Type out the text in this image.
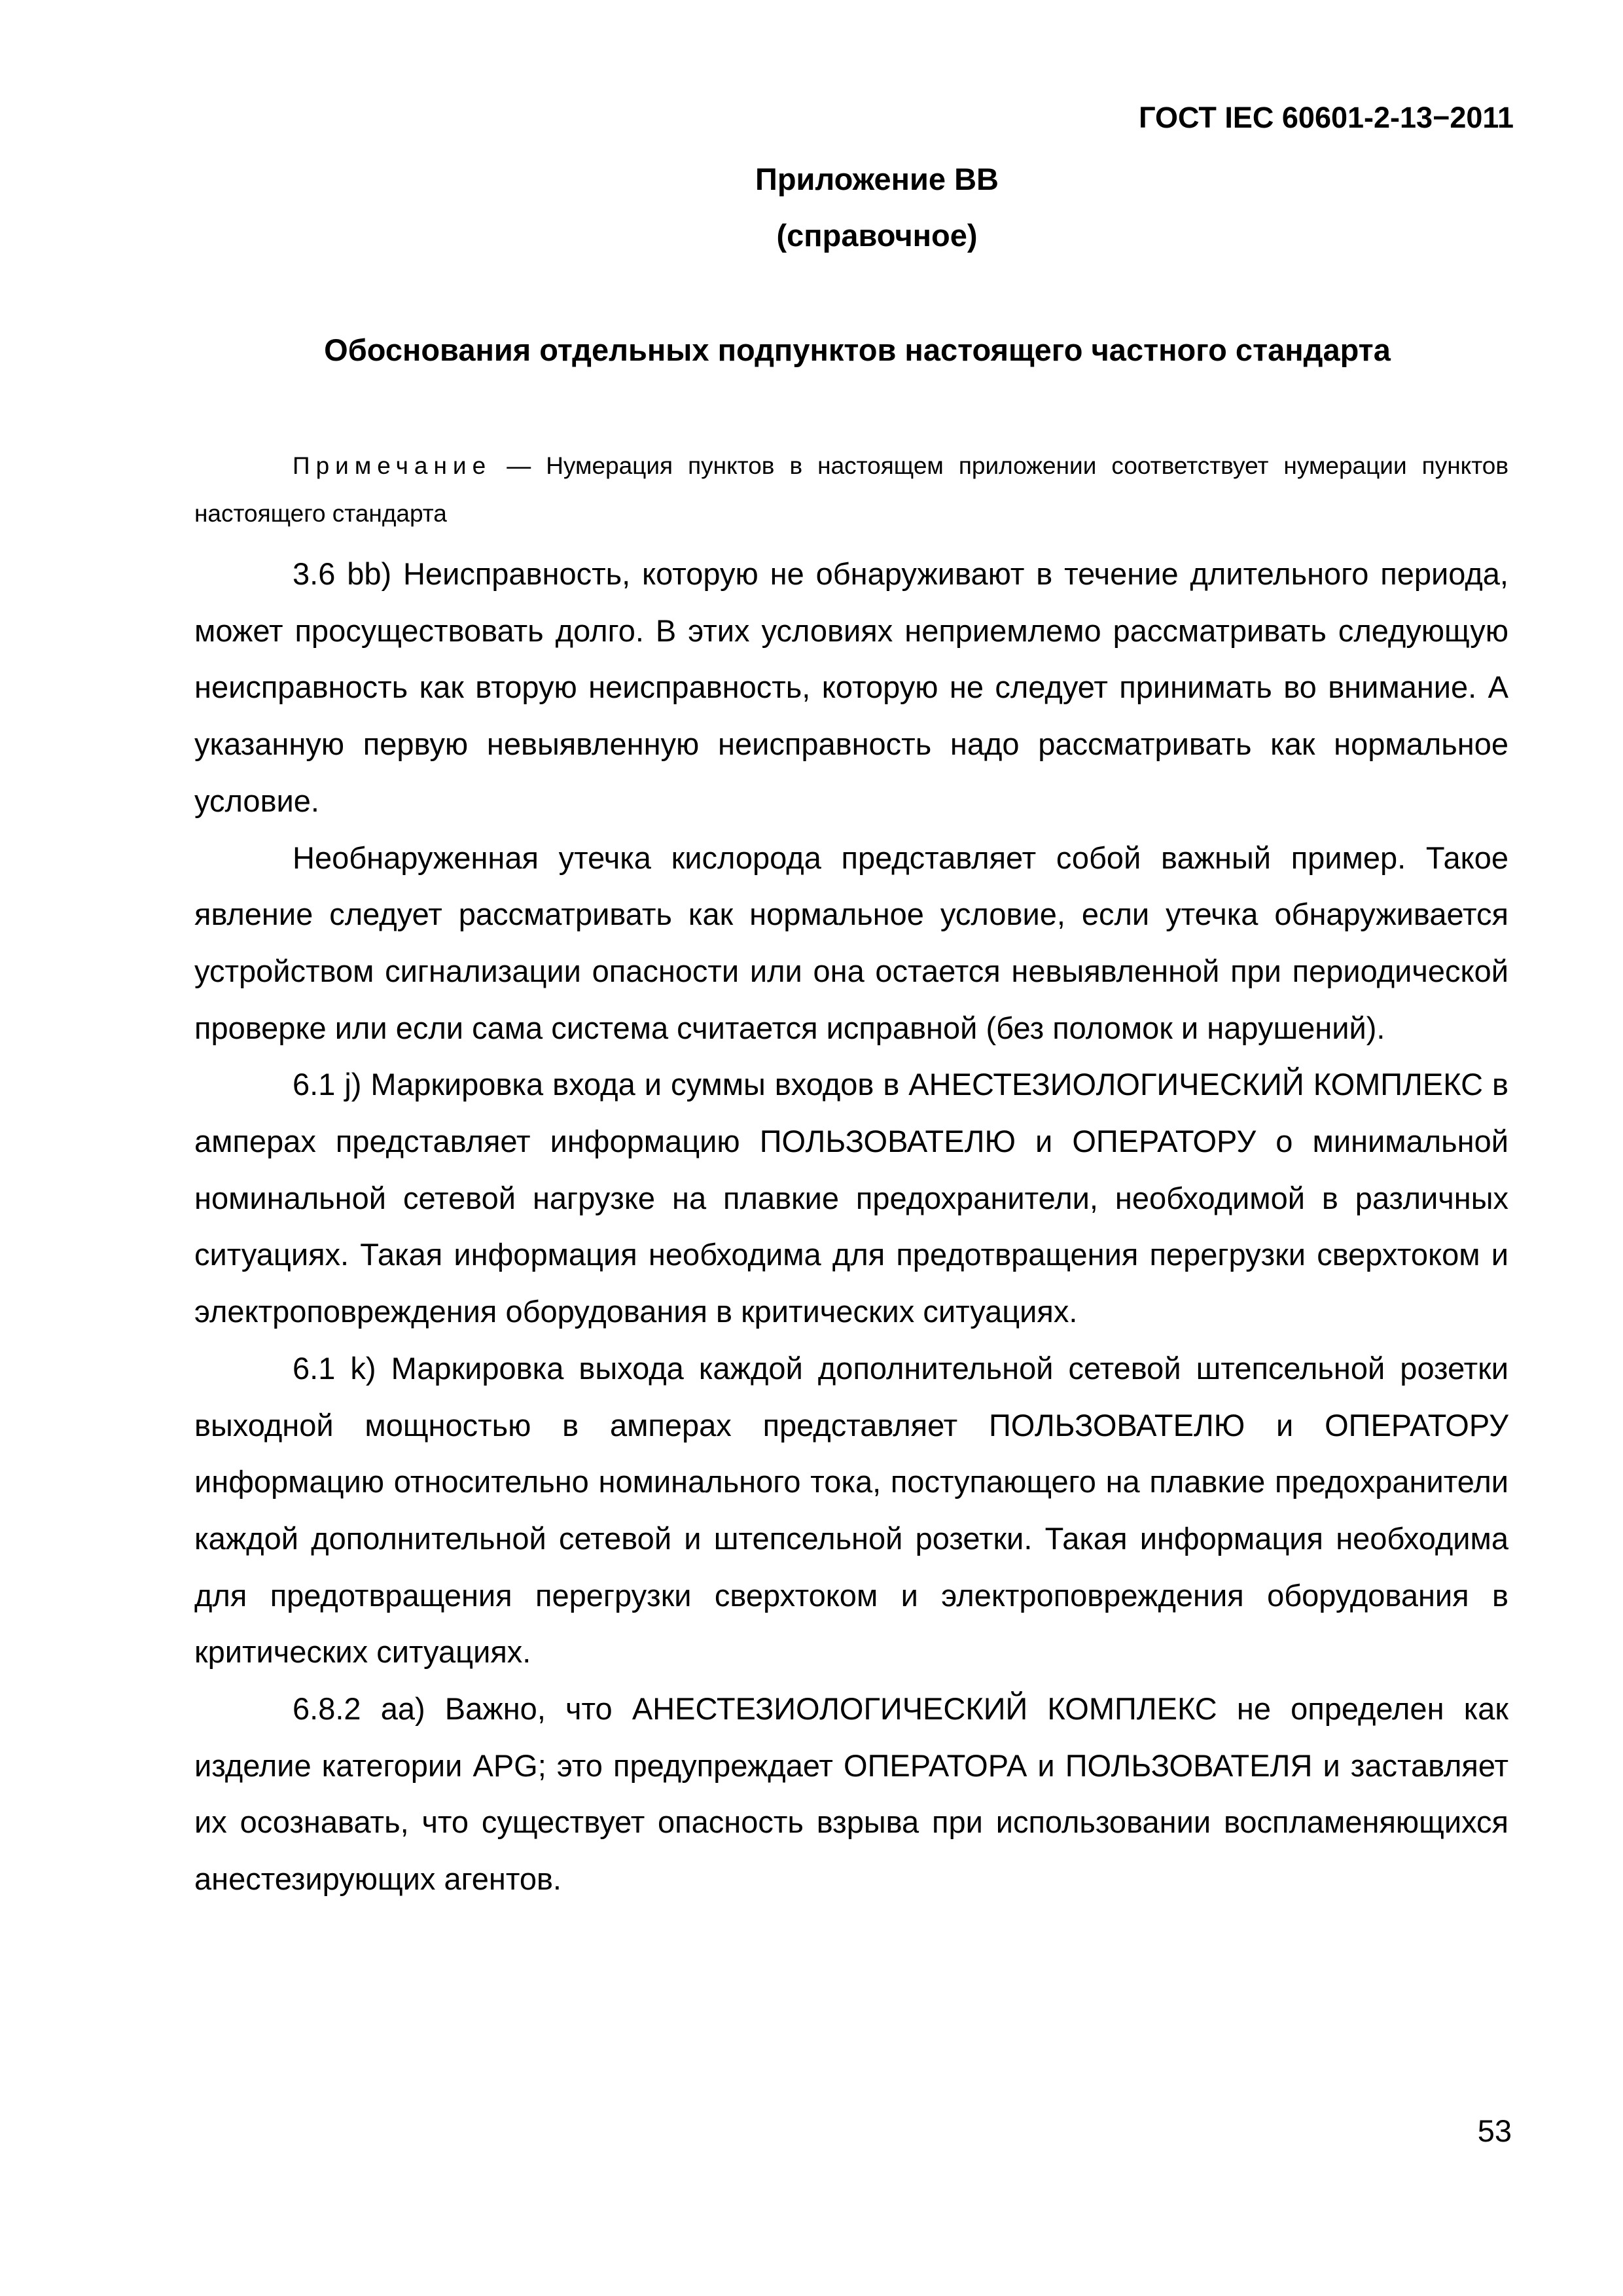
ГОСТ IEC 60601-2-13−2011
Приложение ВВ
(справочное)
Обоснования отдельных подпунктов настоящего частного стандарта

Примечание — Нумерация пунктов в настоящем приложении соответствует нумерации пунктов настоящего стандарта

3.6 bb) Неисправность, которую не обнаруживают в течение длительного периода, может просуществовать долго. В этих условиях неприемлемо рассматривать следующую неисправность как вторую неисправность, которую не следует принимать во внимание. А указанную первую невыявленную неисправность надо рассматривать как нормальное условие.

Необнаруженная утечка кислорода представляет собой важный пример. Такое явление следует рассматривать как нормальное условие, если утечка обнаруживается устройством сигнализации опасности или она остается невыявленной при периодической проверке или если сама система считается исправной (без поломок и нарушений).

6.1 j) Маркировка входа и суммы входов в АНЕСТЕЗИОЛОГИЧЕСКИЙ КОМПЛЕКС в амперах представляет информацию ПОЛЬЗОВАТЕЛЮ и ОПЕРАТОРУ о минимальной номинальной сетевой нагрузке на плавкие предохранители, необходимой в различных ситуациях. Такая информация необходима для предотвращения перегрузки сверхтоком и электроповреждения оборудования в критических ситуациях.

6.1 k) Маркировка выхода каждой дополнительной сетевой штепсельной розетки выходной мощностью в амперах представляет ПОЛЬЗОВАТЕЛЮ и ОПЕРАТОРУ информацию относительно номинального тока, поступающего на плавкие предохранители каждой дополнительной сетевой и штепсельной розетки. Такая информация необходима для предотвращения перегрузки сверхтоком и электроповреждения оборудования в критических ситуациях.

6.8.2 aa) Важно, что АНЕСТЕЗИОЛОГИЧЕСКИЙ КОМПЛЕКС не определен как изделие категории APG; это предупреждает ОПЕРАТОРА и ПОЛЬЗОВАТЕЛЯ и заставляет их осознавать, что существует опасность взрыва при использовании воспламеняющихся анестезирующих агентов.

53
